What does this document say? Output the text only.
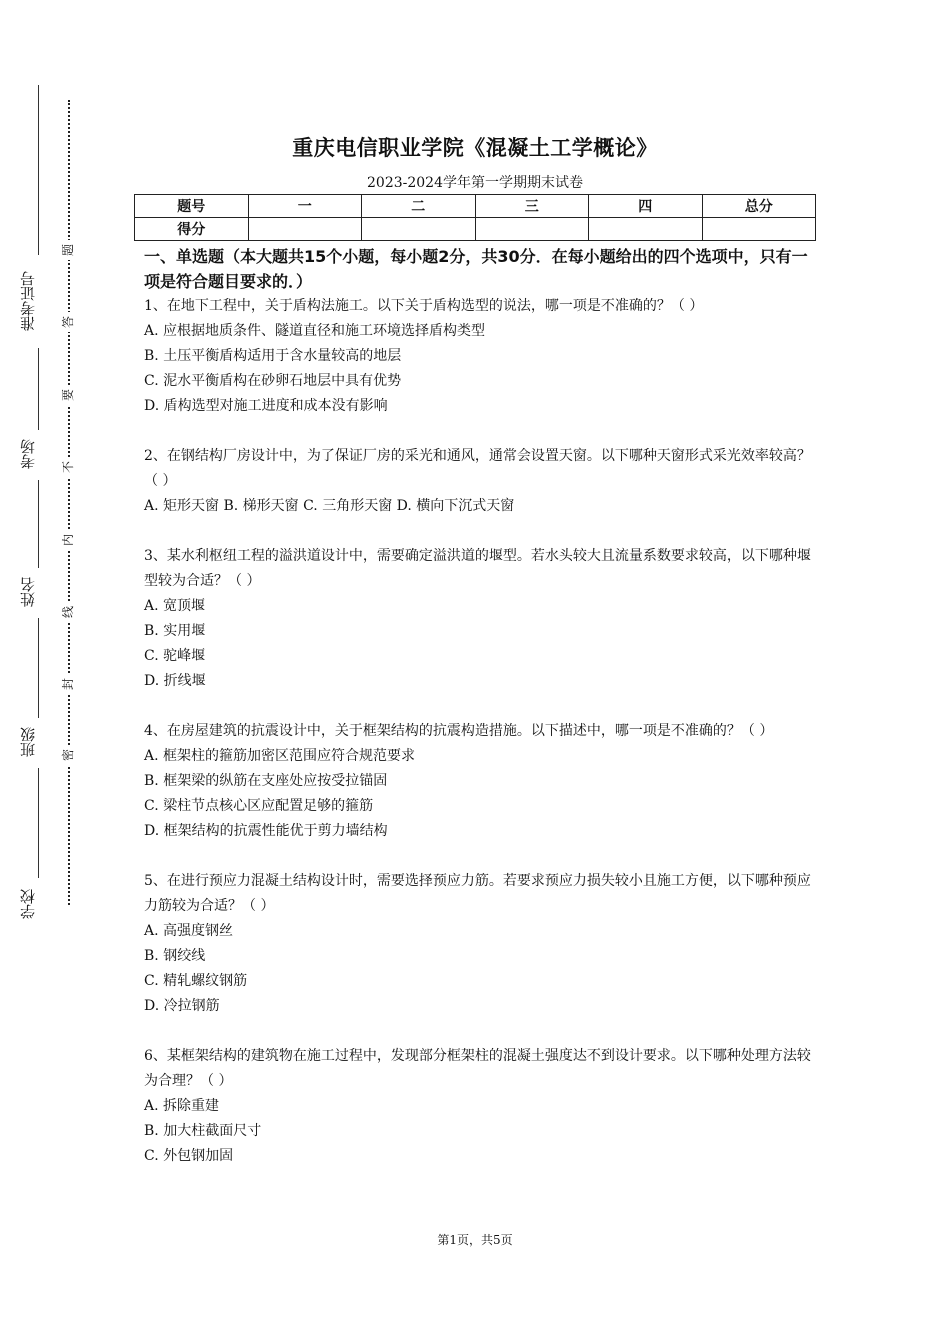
准考证号
考场
姓名
班级
学校
题
答
要
不
内
线
封
密
重庆电信职业学院《混凝土工学概论》
2023-2024学年第一学期期末试卷
题号	一	二	三	四	总分
得分					

一、单选题（本大题共15个小题，每小题2分，共30分．在每小题给出的四个选项中，只有一项是符合题目要求的．）

1、在地下工程中，关于盾构法施工。以下关于盾构选型的说法，哪一项是不准确的？（ ）

A. 应根据地质条件、隧道直径和施工环境选择盾构类型

B. 土压平衡盾构适用于含水量较高的地层

C. 泥水平衡盾构在砂卵石地层中具有优势

D. 盾构选型对施工进度和成本没有影响

2、在钢结构厂房设计中，为了保证厂房的采光和通风，通常会设置天窗。以下哪种天窗形式采光效率较高？（ ）

A. 矩形天窗 B. 梯形天窗 C. 三角形天窗 D. 横向下沉式天窗

3、某水利枢纽工程的溢洪道设计中，需要确定溢洪道的堰型。若水头较大且流量系数要求较高，以下哪种堰型较为合适？（ ）

A. 宽顶堰

B. 实用堰

C. 驼峰堰

D. 折线堰

4、在房屋建筑的抗震设计中，关于框架结构的抗震构造措施。以下描述中，哪一项是不准确的？（ ）

A. 框架柱的箍筋加密区范围应符合规范要求

B. 框架梁的纵筋在支座处应按受拉锚固

C. 梁柱节点核心区应配置足够的箍筋

D. 框架结构的抗震性能优于剪力墙结构

5、在进行预应力混凝土结构设计时，需要选择预应力筋。若要求预应力损失较小且施工方便，以下哪种预应力筋较为合适？（ ）

A. 高强度钢丝

B. 钢绞线

C. 精轧螺纹钢筋

D. 冷拉钢筋

6、某框架结构的建筑物在施工过程中，发现部分框架柱的混凝土强度达不到设计要求。以下哪种处理方法较为合理？（ ）

A. 拆除重建

B. 加大柱截面尺寸

C. 外包钢加固

第1页，共5页
